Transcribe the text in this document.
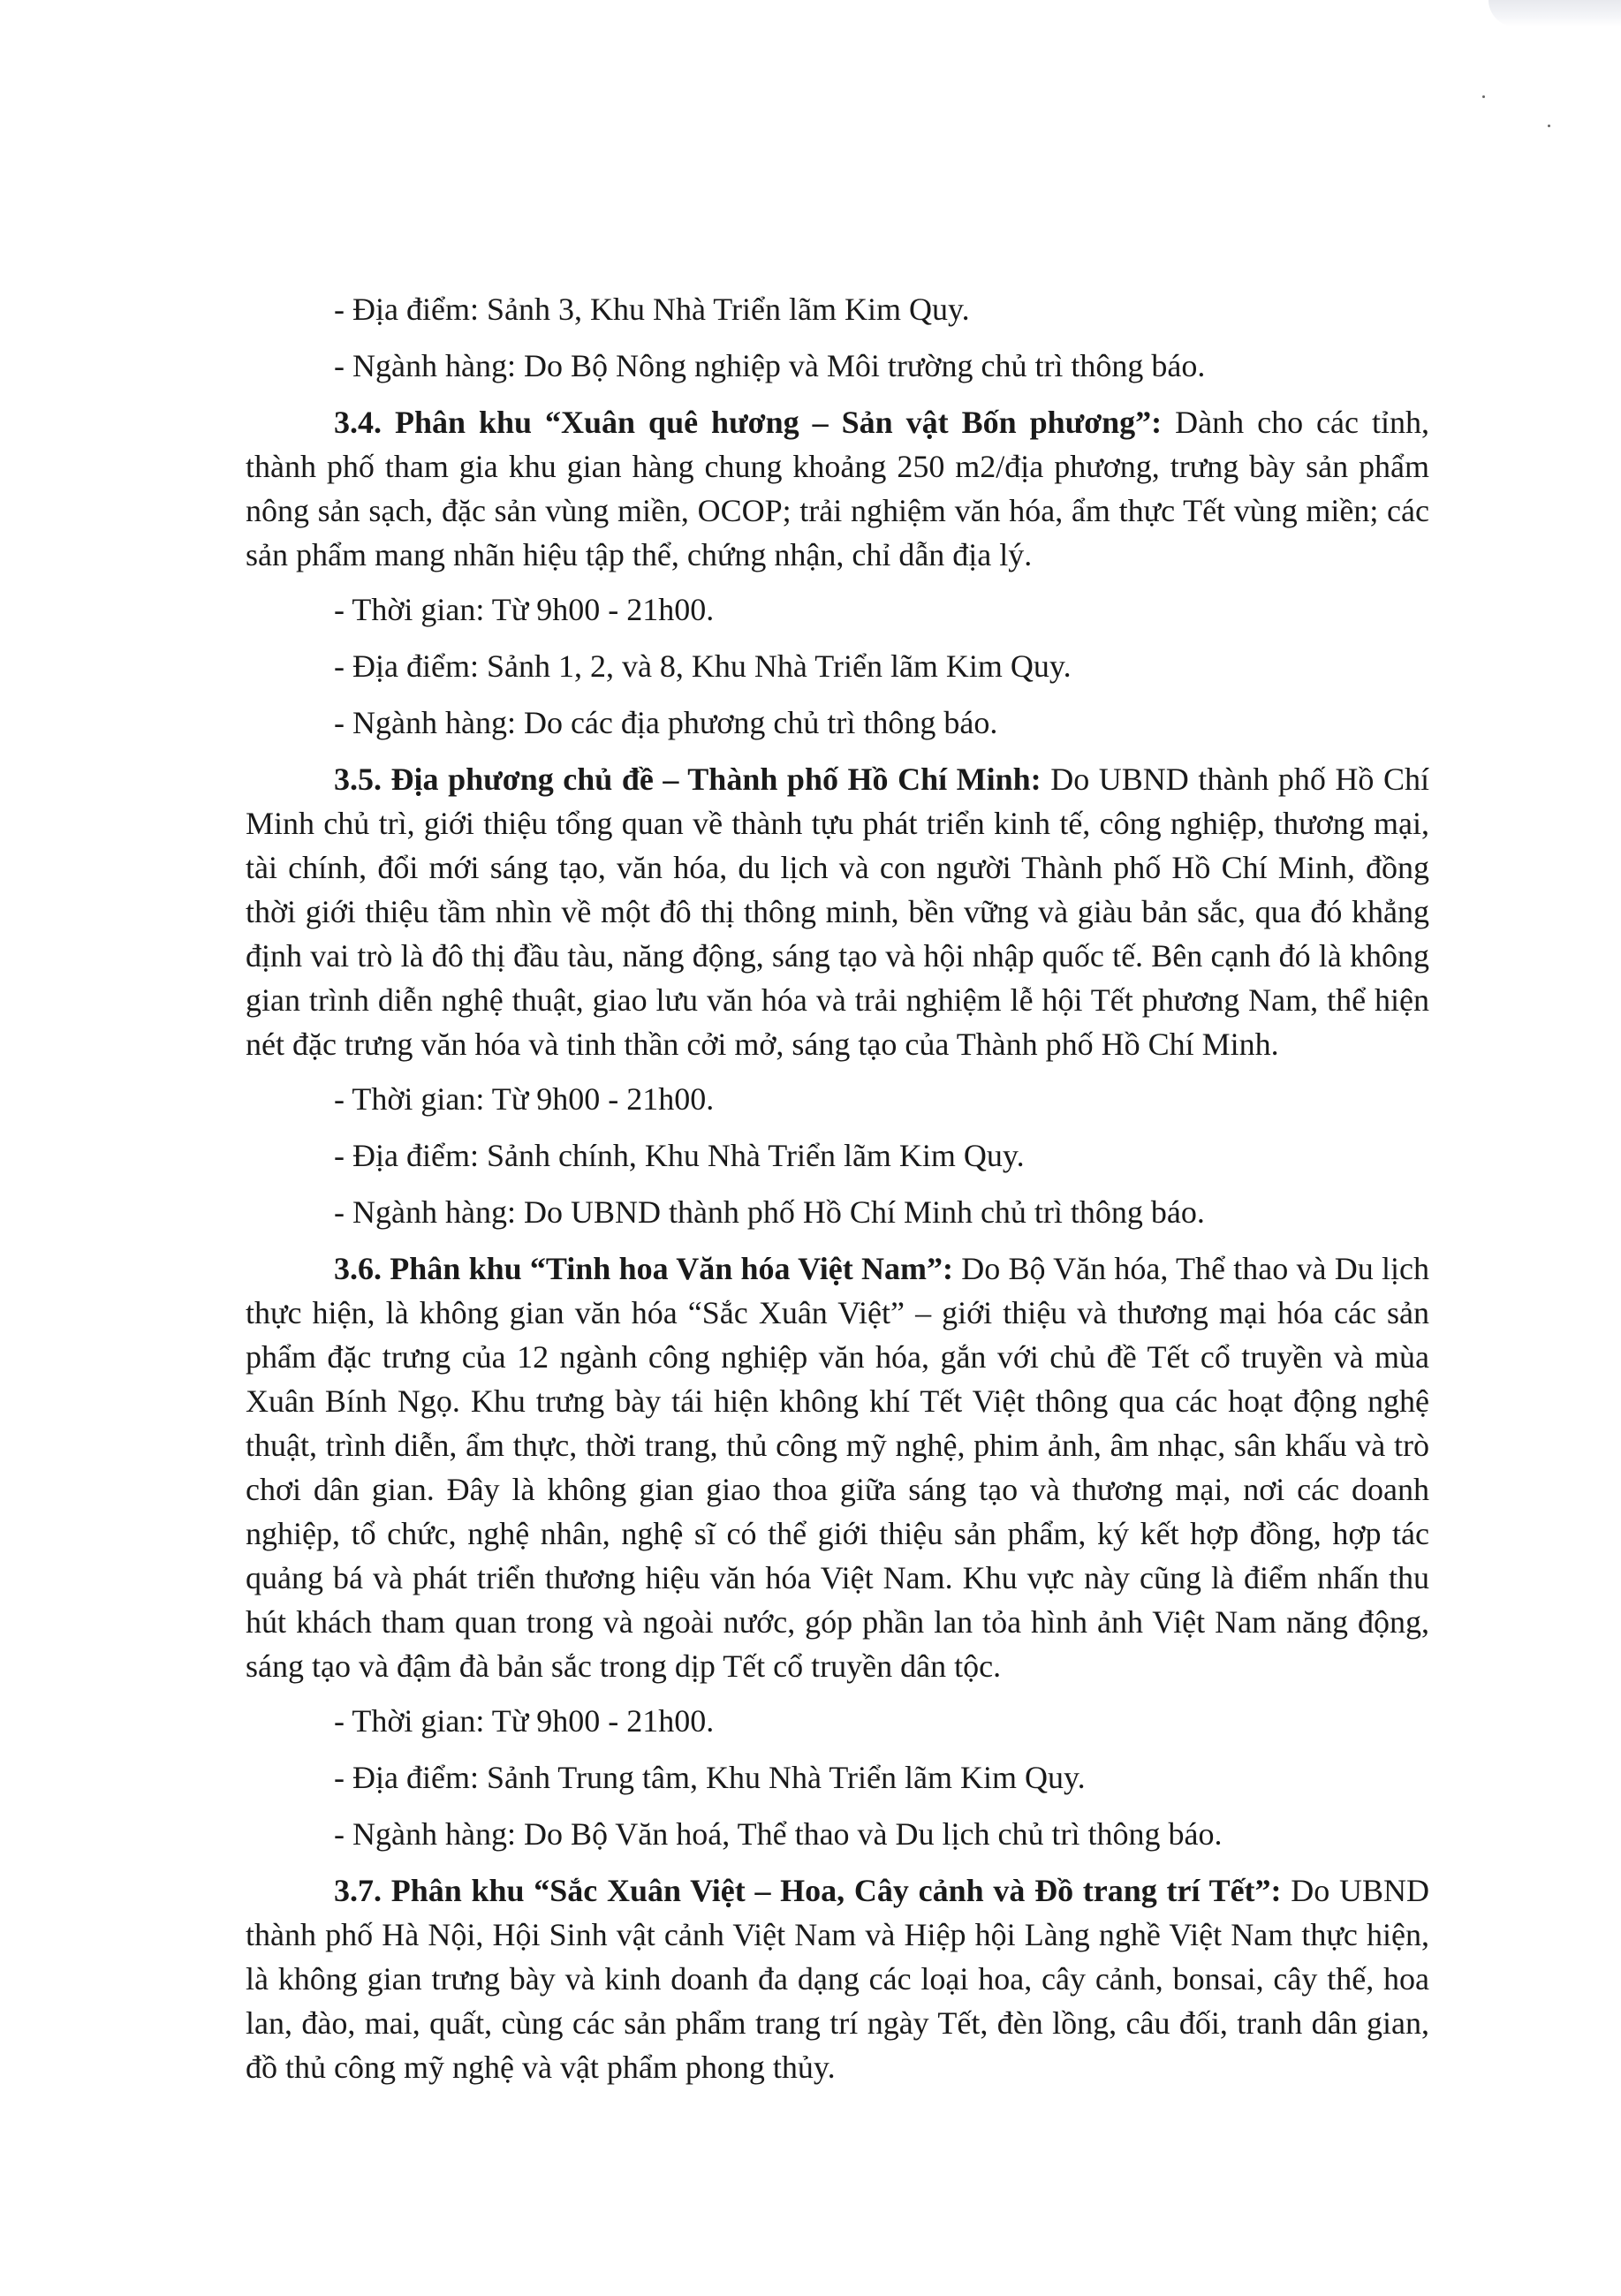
- Địa điểm: Sảnh 3, Khu Nhà Triển lãm Kim Quy.

- Ngành hàng: Do Bộ Nông nghiệp và Môi trường chủ trì thông báo.

3.4. Phân khu “Xuân quê hương – Sản vật Bốn phương”: Dành cho các tỉnh, thành phố tham gia khu gian hàng chung khoảng 250 m2/địa phương, trưng bày sản phẩm nông sản sạch, đặc sản vùng miền, OCOP; trải nghiệm văn hóa, ẩm thực Tết vùng miền; các sản phẩm mang nhãn hiệu tập thể, chứng nhận, chỉ dẫn địa lý.

- Thời gian: Từ 9h00 - 21h00.

- Địa điểm: Sảnh 1, 2, và 8, Khu Nhà Triển lãm Kim Quy.

- Ngành hàng: Do các địa phương chủ trì thông báo.

3.5. Địa phương chủ đề – Thành phố Hồ Chí Minh: Do UBND thành phố Hồ Chí Minh chủ trì, giới thiệu tổng quan về thành tựu phát triển kinh tế, công nghiệp, thương mại, tài chính, đổi mới sáng tạo, văn hóa, du lịch và con người Thành phố Hồ Chí Minh, đồng thời giới thiệu tầm nhìn về một đô thị thông minh, bền vững và giàu bản sắc, qua đó khẳng định vai trò là đô thị đầu tàu, năng động, sáng tạo và hội nhập quốc tế. Bên cạnh đó là không gian trình diễn nghệ thuật, giao lưu văn hóa và trải nghiệm lễ hội Tết phương Nam, thể hiện nét đặc trưng văn hóa và tinh thần cởi mở, sáng tạo của Thành phố Hồ Chí Minh.

- Thời gian: Từ 9h00 - 21h00.

- Địa điểm: Sảnh chính, Khu Nhà Triển lãm Kim Quy.

- Ngành hàng: Do UBND thành phố Hồ Chí Minh chủ trì thông báo.

3.6. Phân khu “Tinh hoa Văn hóa Việt Nam”: Do Bộ Văn hóa, Thể thao và Du lịch thực hiện, là không gian văn hóa “Sắc Xuân Việt” – giới thiệu và thương mại hóa các sản phẩm đặc trưng của 12 ngành công nghiệp văn hóa, gắn với chủ đề Tết cổ truyền và mùa Xuân Bính Ngọ. Khu trưng bày tái hiện không khí Tết Việt thông qua các hoạt động nghệ thuật, trình diễn, ẩm thực, thời trang, thủ công mỹ nghệ, phim ảnh, âm nhạc, sân khấu và trò chơi dân gian. Đây là không gian giao thoa giữa sáng tạo và thương mại, nơi các doanh nghiệp, tổ chức, nghệ nhân, nghệ sĩ có thể giới thiệu sản phẩm, ký kết hợp đồng, hợp tác quảng bá và phát triển thương hiệu văn hóa Việt Nam. Khu vực này cũng là điểm nhấn thu hút khách tham quan trong và ngoài nước, góp phần lan tỏa hình ảnh Việt Nam năng động, sáng tạo và đậm đà bản sắc trong dịp Tết cổ truyền dân tộc.

- Thời gian: Từ 9h00 - 21h00.

- Địa điểm: Sảnh Trung tâm, Khu Nhà Triển lãm Kim Quy.

- Ngành hàng: Do Bộ Văn hoá, Thể thao và Du lịch chủ trì thông báo.

3.7. Phân khu “Sắc Xuân Việt – Hoa, Cây cảnh và Đồ trang trí Tết”: Do UBND thành phố Hà Nội, Hội Sinh vật cảnh Việt Nam và Hiệp hội Làng nghề Việt Nam thực hiện, là không gian trưng bày và kinh doanh đa dạng các loại hoa, cây cảnh, bonsai, cây thế, hoa lan, đào, mai, quất, cùng các sản phẩm trang trí ngày Tết, đèn lồng, câu đối, tranh dân gian, đồ thủ công mỹ nghệ và vật phẩm phong thủy.
